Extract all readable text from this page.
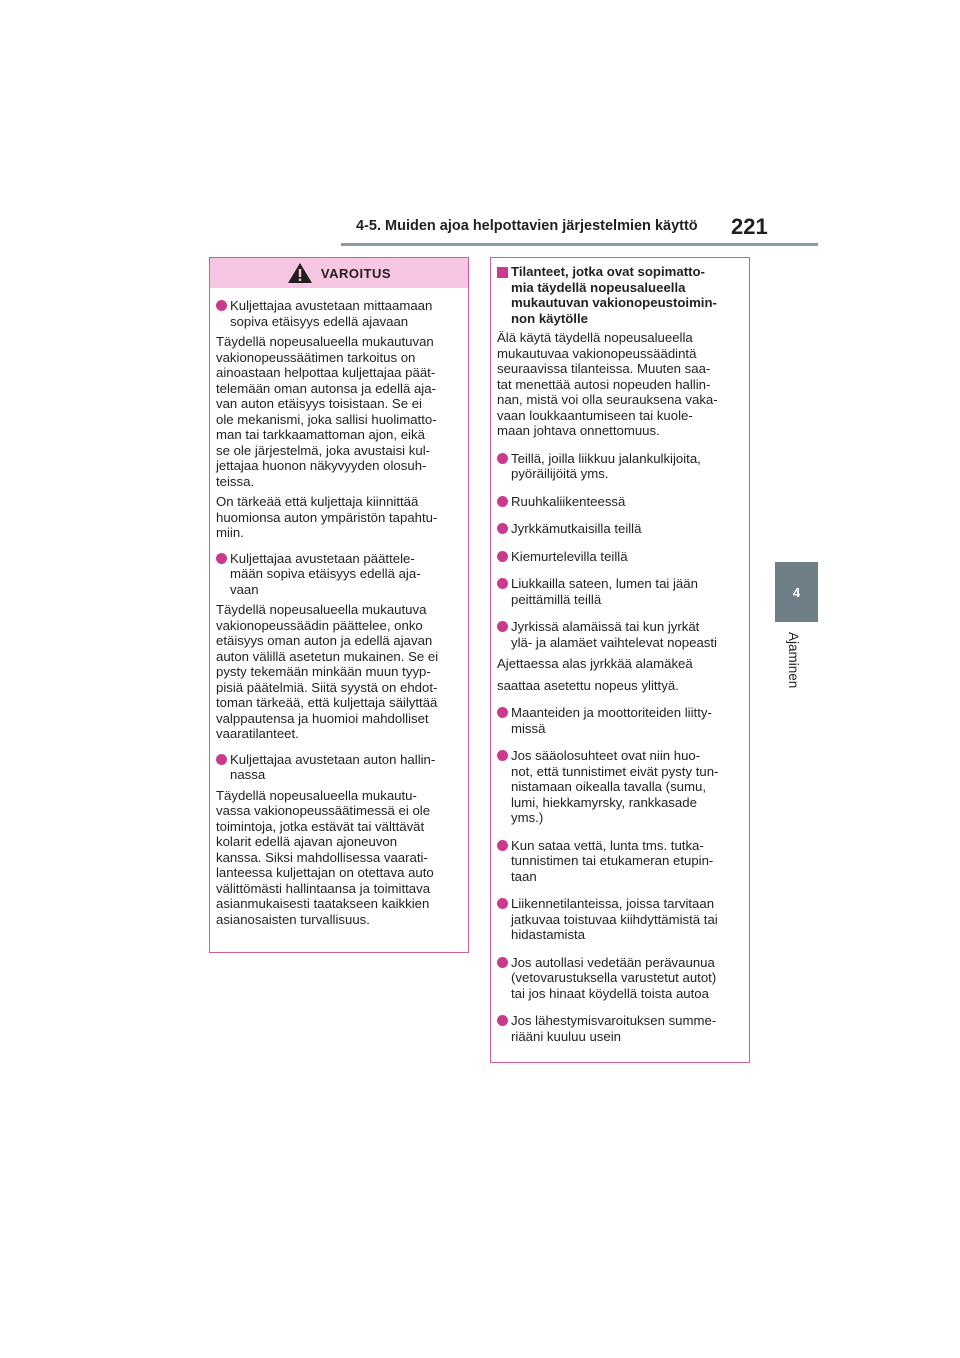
4-5. Muiden ajoa helpottavien järjestelmien käyttö 221
4
Ajaminen
VAROITUS
Kuljettajaa avustetaan mittaamaan
sopiva etäisyys edellä ajavaan
Täydellä nopeusalueella mukautuvan
vakionopeussäätimen tarkoitus on
ainoastaan helpottaa kuljettajaa päät-
telemään oman autonsa ja edellä aja-
van auton etäisyys toisistaan. Se ei
ole mekanismi, joka sallisi huolimatto-
man tai tarkkaamattoman ajon, eikä
se ole järjestelmä, joka avustaisi kul-
jettajaa huonon näkyvyyden olosuh-
teissa.
On tärkeää että kuljettaja kiinnittää
huomionsa auton ympäristön tapahtu-
miin.
Kuljettajaa avustetaan päättele-
mään sopiva etäisyys edellä aja-
vaan
Täydellä nopeusalueella mukautuva
vakionopeussäädin päättelee, onko
etäisyys oman auton ja edellä ajavan
auton välillä asetetun mukainen. Se ei
pysty tekemään minkään muun tyyp-
pisiä päätelmiä. Siitä syystä on ehdot-
toman tärkeää, että kuljettaja säilyttää
valppautensa ja huomioi mahdolliset
vaaratilanteet.
Kuljettajaa avustetaan auton hallin-
nassa
Täydellä nopeusalueella mukautu-
vassa vakionopeussäätimessä ei ole
toimintoja, jotka estävät tai välttävät
kolarit edellä ajavan ajoneuvon
kanssa. Siksi mahdollisessa vaarati-
lanteessa kuljettajan on otettava auto
välittömästi hallintaansa ja toimittava
asianmukaisesti taatakseen kaikkien
asianosaisten turvallisuus.
Tilanteet, jotka ovat sopimatto-
mia täydellä nopeusalueella
mukautuvan vakionopeustoimin-
non käytölle
Älä käytä täydellä nopeusalueella
mukautuvaa vakionopeussäädintä
seuraavissa tilanteissa. Muuten saa-
tat menettää autosi nopeuden hallin-
nan, mistä voi olla seurauksena vaka-
vaan loukkaantumiseen tai kuole-
maan johtava onnettomuus.
Teillä, joilla liikkuu jalankulkijoita,
pyöräilijöitä yms.
Ruuhkaliikenteessä
Jyrkkämutkaisilla teillä
Kiemurtelevilla teillä
Liukkailla sateen, lumen tai jään
peittämillä teillä
Jyrkissä alamäissä tai kun jyrkät
ylä- ja alamäet vaihtelevat nopeasti
Ajettaessa alas jyrkkää alamäkeä
saattaa asetettu nopeus ylittyä.
Maanteiden ja moottoriteiden liitty-
missä
Jos sääolosuhteet ovat niin huo-
not, että tunnistimet eivät pysty tun-
nistamaan oikealla tavalla (sumu,
lumi, hiekkamyrsky, rankkasade
yms.)
Kun sataa vettä, lunta tms. tutka-
tunnistimen tai etukameran etupin-
taan
Liikennetilanteissa, joissa tarvitaan
jatkuvaa toistuvaa kiihdyttämistä tai
hidastamista
Jos autollasi vedetään perävaunua
(vetovarustuksella varustetut autot)
tai jos hinaat köydellä toista autoa
Jos lähestymisvaroituksen summe-
riääni kuuluu usein
